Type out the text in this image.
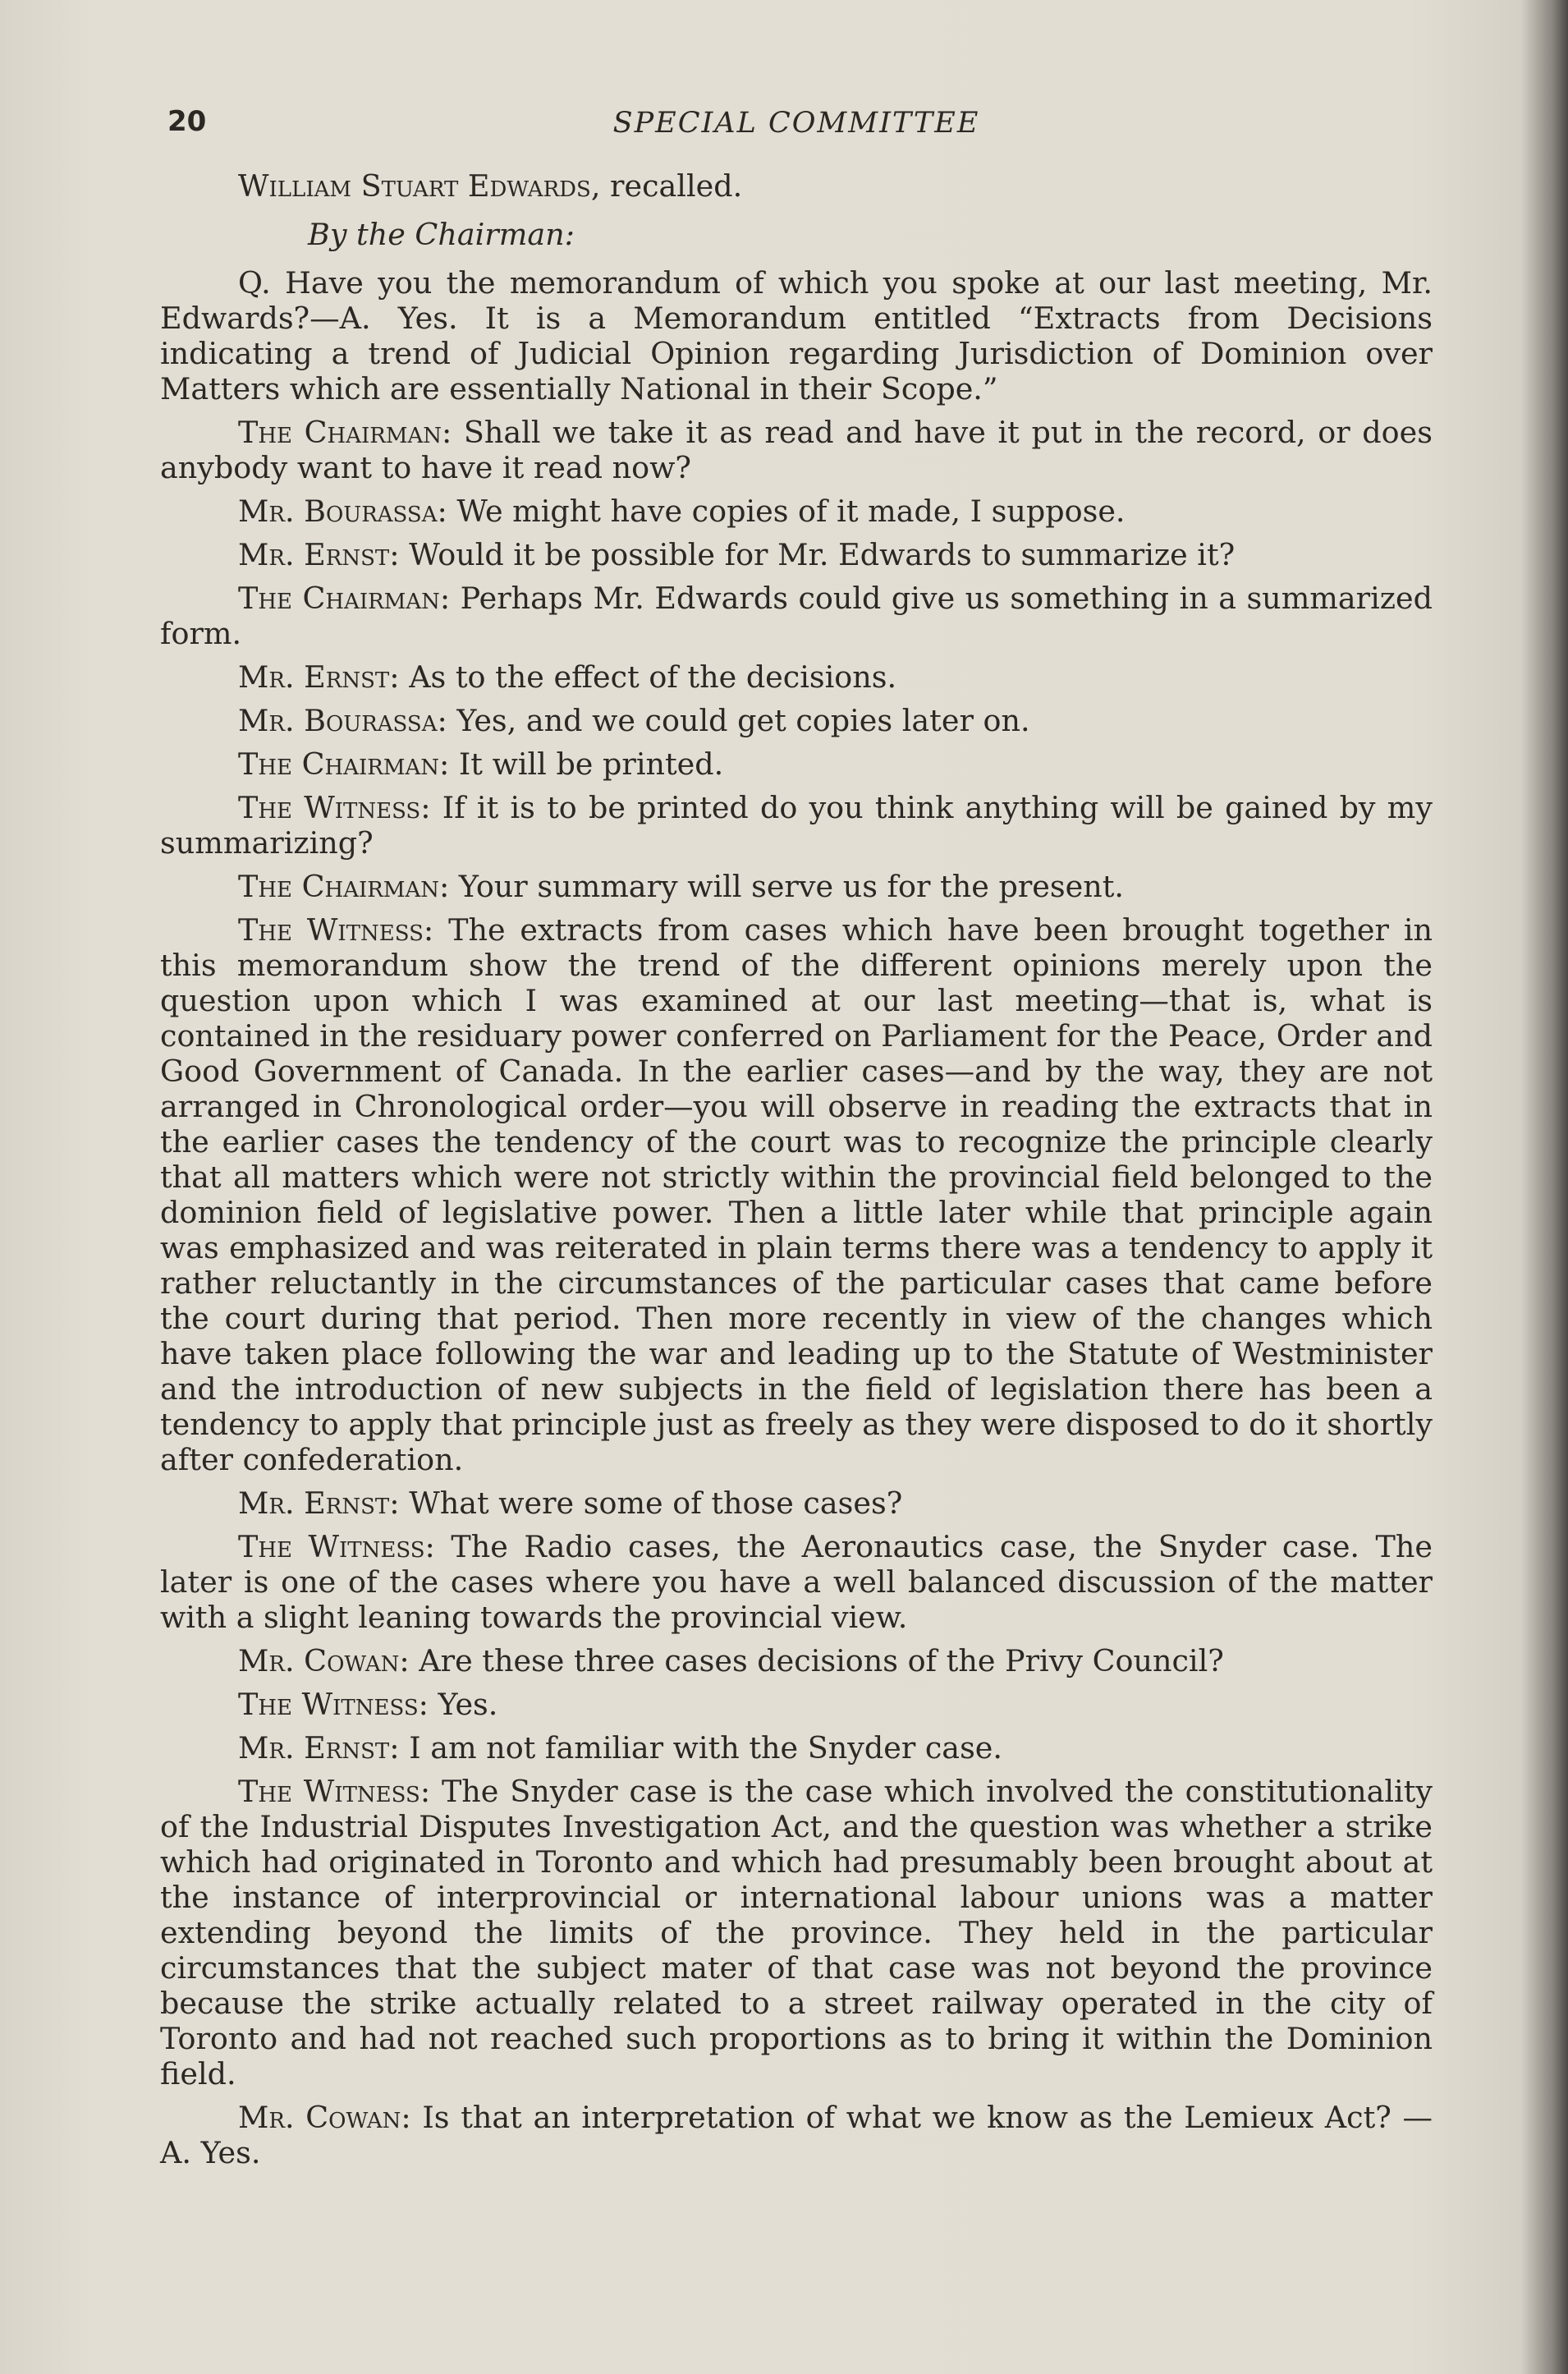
20	SPECIAL COMMITTEE

William Stuart Edwards, recalled.

By the Chairman:

Q. Have you the memorandum of which you spoke at our last meeting, Mr. Edwards?—A. Yes. It is a Memorandum entitled “Extracts from Decisions indicating a trend of Judicial Opinion regarding Jurisdiction of Dominion over Matters which are essentially National in their Scope.”

The Chairman: Shall we take it as read and have it put in the record, or does anybody want to have it read now?

Mr. Bourassa: We might have copies of it made, I suppose.

Mr. Ernst: Would it be possible for Mr. Edwards to summarize it?

The Chairman: Perhaps Mr. Edwards could give us something in a summarized form.

Mr. Ernst: As to the effect of the decisions.

Mr. Bourassa: Yes, and we could get copies later on.

The Chairman: It will be printed.

The Witness: If it is to be printed do you think anything will be gained by my summarizing?

The Chairman: Your summary will serve us for the present.

The Witness: The extracts from cases which have been brought together in this memorandum show the trend of the different opinions merely upon the question upon which I was examined at our last meeting—that is, what is contained in the residuary power conferred on Parliament for the Peace, Order and Good Government of Canada. In the earlier cases—and by the way, they are not arranged in Chronological order—you will observe in reading the extracts that in the earlier cases the tendency of the court was to recognize the principle clearly that all matters which were not strictly within the provincial field belonged to the dominion field of legislative power. Then a little later while that principle again was emphasized and was reiterated in plain terms there was a tendency to apply it rather reluctantly in the circumstances of the particular cases that came before the court during that period. Then more recently in view of the changes which have taken place following the war and leading up to the Statute of Westminister and the introduction of new subjects in the field of legislation there has been a tendency to apply that principle just as freely as they were disposed to do it shortly after confederation.

Mr. Ernst: What were some of those cases?

The Witness: The Radio cases, the Aeronautics case, the Snyder case. The later is one of the cases where you have a well balanced discussion of the matter with a slight leaning towards the provincial view.

Mr. Cowan: Are these three cases decisions of the Privy Council?

The Witness: Yes.

Mr. Ernst: I am not familiar with the Snyder case.

The Witness: The Snyder case is the case which involved the constitutionality of the Industrial Disputes Investigation Act, and the question was whether a strike which had originated in Toronto and which had presumably been brought about at the instance of interprovincial or international labour unions was a matter extending beyond the limits of the province. They held in the particular circumstances that the subject mater of that case was not beyond the province because the strike actually related to a street railway operated in the city of Toronto and had not reached such proportions as to bring it within the Dominion field.

Mr. Cowan: Is that an interpretation of what we know as the Lemieux Act? —A. Yes.
